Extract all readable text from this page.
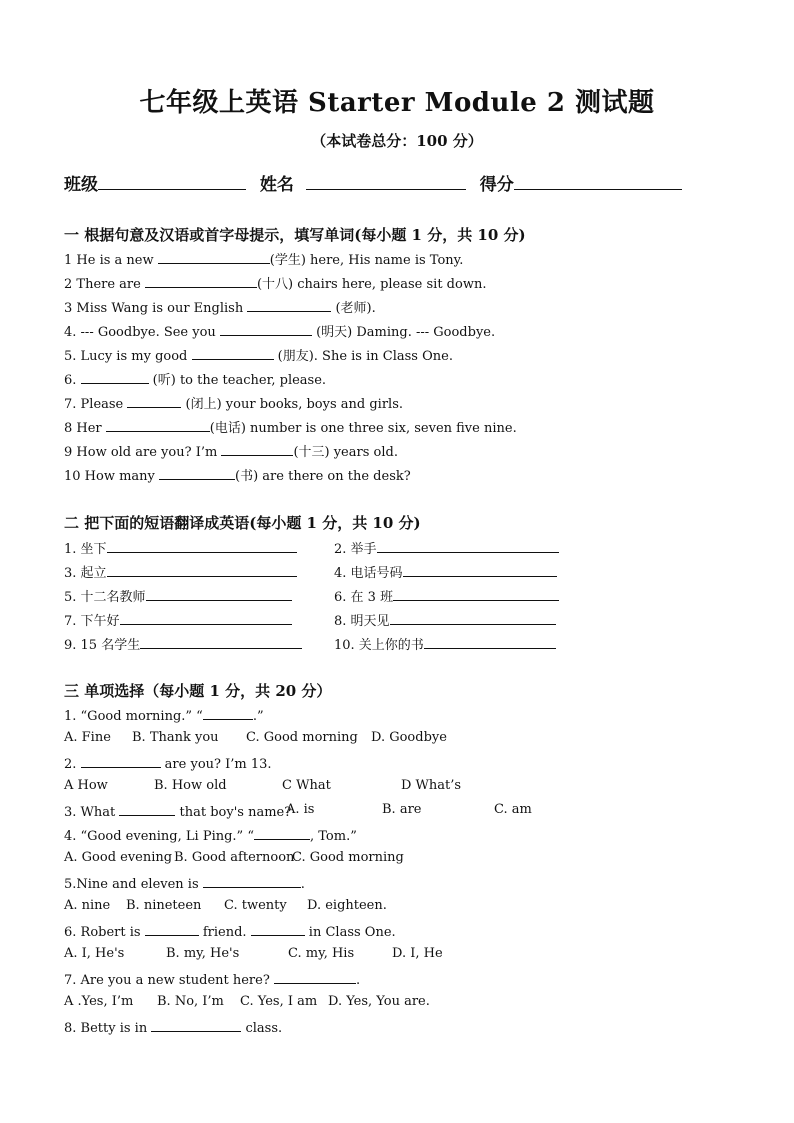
七年级上英语 Starter Module 2 测试题
（本试卷总分：100 分）
班级	姓名	得分
一 根据句意及汉语或首字母提示，填写单词(每小题 1 分，共 10 分)
1 He is a new	(学生) here, His name is Tony.
2 There are	(十八) chairs here, please sit down.
3 Miss Wang is our English	(老师).
4. --- Goodbye. See you	(明天) Daming. --- Goodbye.
5. Lucy is my good	(朋友). She is in Class One.
6.	(听) to the teacher, please.
7. Please	(闭上) your books, boys and girls.
8 Her	(电话) number is one three six, seven five nine.
9 How old are you? I’m	(十三) years old.
10 How many	(书) are there on the desk?
二 把下面的短语翻译成英语(每小题 1 分，共 10 分)
1. 坐下	2. 举手
3. 起立	4. 电话号码
5. 十二名教师	6. 在 3 班
7. 下午好	8. 明天见
9. 15 名学生	10. 关上你的书
三 单项选择（每小题 1 分，共 20 分）
1. “Good morning.” “	.”
A. Fine B. Thank you C. Good morning D. Goodbye
2.	are you? I’m 13.
A How	B. How old	C What	D What’s
3. What	that boy's name?
A. is	B. are	C. am
4. “Good evening, Li Ping.” “	, Tom.”
A. Good evening B. Good afternoon
C. Good morning
5.Nine and eleven is	.
A. nine B. nineteen C. twenty D. eighteen.
6. Robert is	friend.	in Class One.
A. I, He's	B. my, He's	C. my, His	D. I, He
7. Are you a new student here?	.
A .Yes, I’m B. No, I’m C. Yes, I am D. Yes, You are.
8. Betty is in	class.
